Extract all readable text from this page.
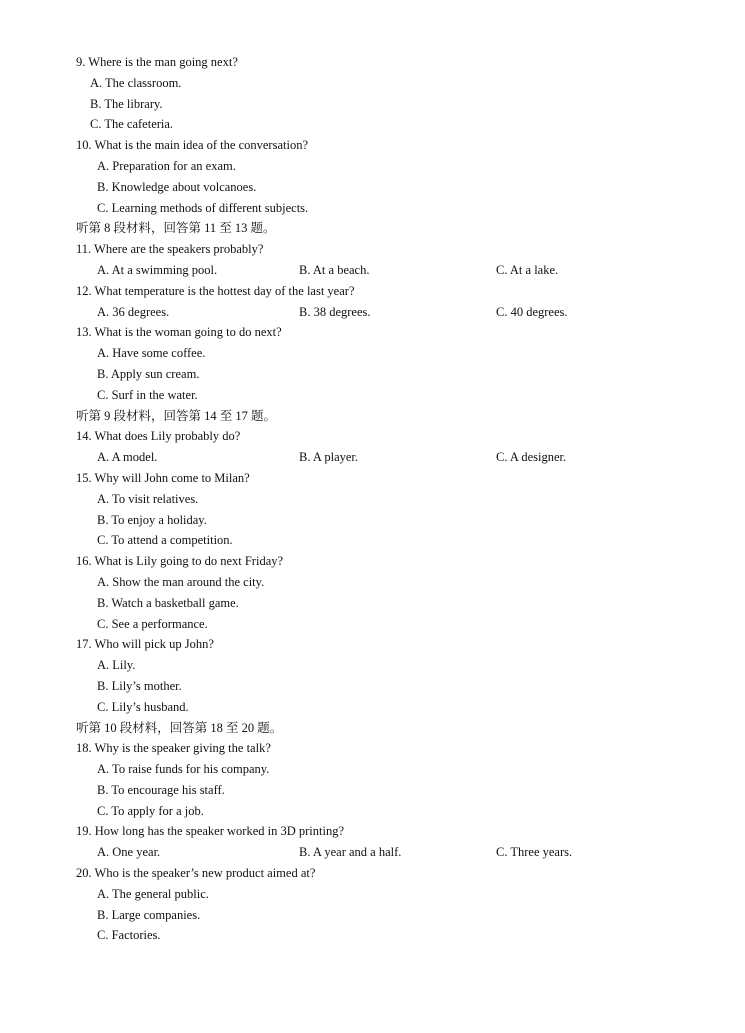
9. Where is the man going next?
A. The classroom.
B. The library.
C. The cafeteria.
10. What is the main idea of the conversation?
A. Preparation for an exam.
B. Knowledge about volcanoes.
C. Learning methods of different subjects.
听第 8 段材料，回答第 11 至 13 题。
11. Where are the speakers probably?
A. At a swimming pool.	B. At a beach.	C. At a lake.
12. What temperature is the hottest day of the last year?
A. 36 degrees.	B. 38 degrees.	C. 40 degrees.
13. What is the woman going to do next?
A. Have some coffee.
B. Apply sun cream.
C. Surf in the water.
听第 9 段材料，回答第 14 至 17 题。
14. What does Lily probably do?
A. A model.	B. A player.	C. A designer.
15. Why will John come to Milan?
A. To visit relatives.
B. To enjoy a holiday.
C. To attend a competition.
16. What is Lily going to do next Friday?
A. Show the man around the city.
B. Watch a basketball game.
C. See a performance.
17. Who will pick up John?
A. Lily.
B. Lily’s mother.
C. Lily’s husband.
听第 10 段材料，回答第 18 至 20 题。
18. Why is the speaker giving the talk?
A. To raise funds for his company.
B. To encourage his staff.
C. To apply for a job.
19. How long has the speaker worked in 3D printing?
A. One year.	B. A year and a half.	C. Three years.
20. Who is the speaker’s new product aimed at?
A. The general public.
B. Large companies.
C. Factories.
